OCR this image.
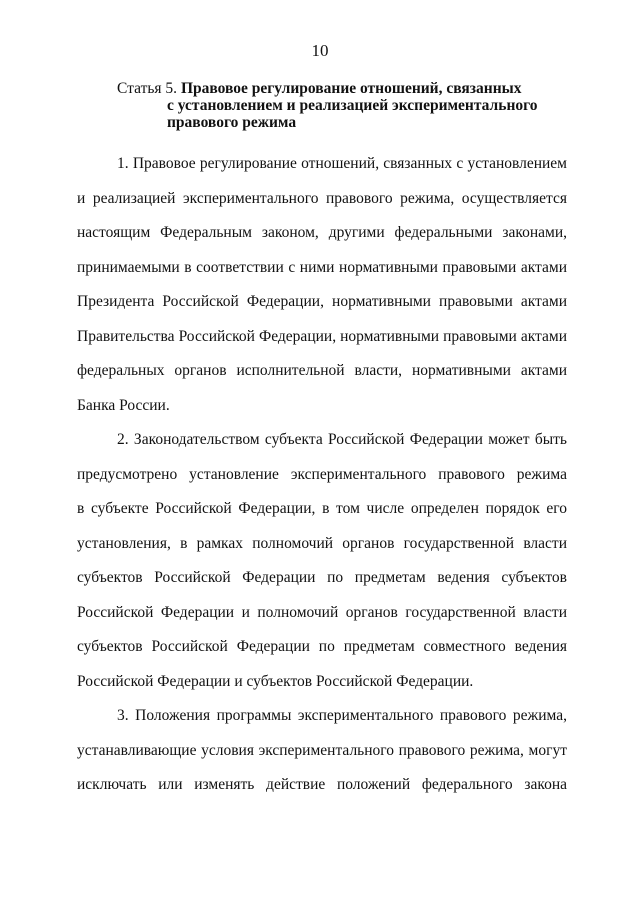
10
Статья 5. Правовое регулирование отношений, связанных
с установлением и реализацией экспериментального
правового режима
1. Правовое регулирование отношений, связанных с установлением
и реализацией экспериментального правового режима, осуществляется
настоящим Федеральным законом, другими федеральными законами,
принимаемыми в соответствии с ними нормативными правовыми актами
Президента Российской Федерации, нормативными правовыми актами
Правительства Российской Федерации, нормативными правовыми актами
федеральных органов исполнительной власти, нормативными актами
Банка России.
2. Законодательством субъекта Российской Федерации может быть
предусмотрено установление экспериментального правового режима
в субъекте Российской Федерации, в том числе определен порядок его
установления, в рамках полномочий органов государственной власти
субъектов Российской Федерации по предметам ведения субъектов
Российской Федерации и полномочий органов государственной власти
субъектов Российской Федерации по предметам совместного ведения
Российской Федерации и субъектов Российской Федерации.
3. Положения программы экспериментального правового режима,
устанавливающие условия экспериментального правового режима, могут
исключать или изменять действие положений федерального закона
